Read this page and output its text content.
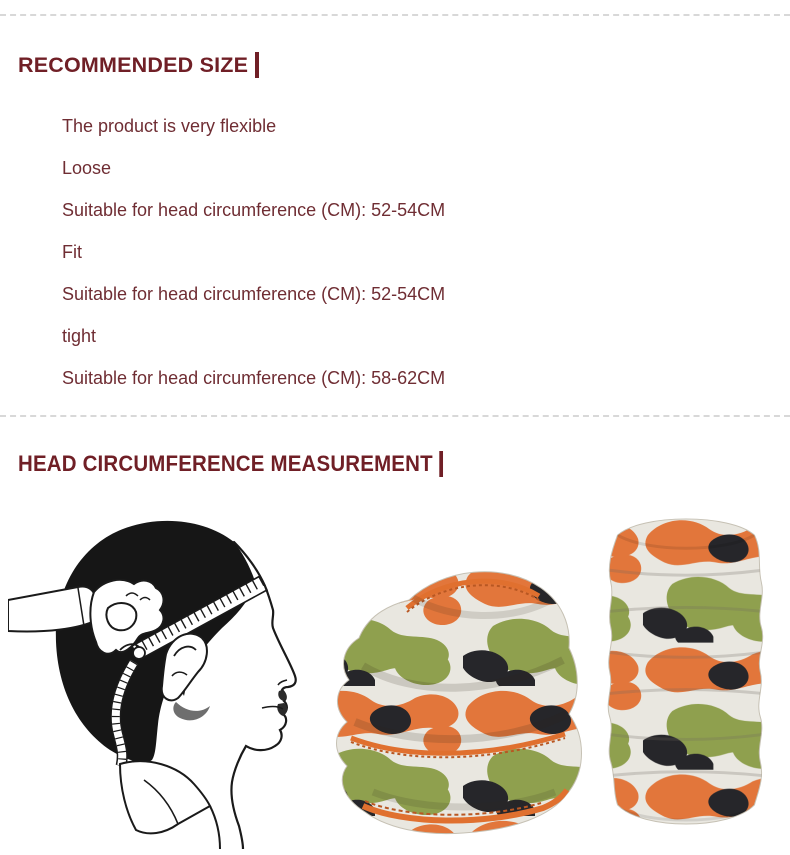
RECOMMENDED SIZE

The product is very flexible

Loose

Suitable for head circumference (CM): 52-54CM

Fit

Suitable for head circumference (CM): 52-54CM

tight

Suitable for head circumference (CM): 58-62CM

HEAD CIRCUMFERENCE MEASUREMENT
